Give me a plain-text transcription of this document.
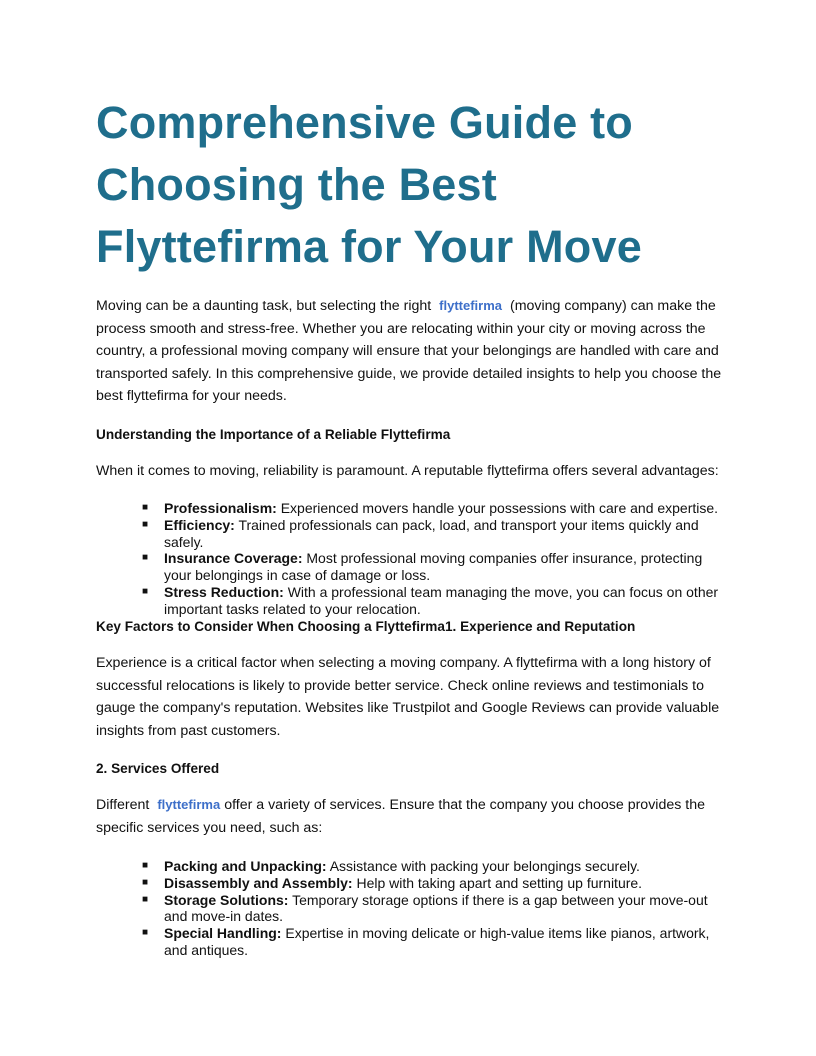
Comprehensive Guide to
Choosing the Best
Flyttefirma for Your Move

Moving can be a daunting task, but selecting the right flyttefirma (moving company) can make the
process smooth and stress-free. Whether you are relocating within your city or moving across the
country, a professional moving company will ensure that your belongings are handled with care and
transported safely. In this comprehensive guide, we provide detailed insights to help you choose the
best flyttefirma for your needs.

Understanding the Importance of a Reliable Flyttefirma

When it comes to moving, reliability is paramount. A reputable flyttefirma offers several advantages:

■ Professionalism: Experienced movers handle your possessions with care and expertise.
■ Efficiency: Trained professionals can pack, load, and transport your items quickly and
safely.
■ Insurance Coverage: Most professional moving companies offer insurance, protecting
your belongings in case of damage or loss.
■ Stress Reduction: With a professional team managing the move, you can focus on other
important tasks related to your relocation.
Key Factors to Consider When Choosing a Flyttefirma1. Experience and Reputation

Experience is a critical factor when selecting a moving company. A flyttefirma with a long history of
successful relocations is likely to provide better service. Check online reviews and testimonials to
gauge the company's reputation. Websites like Trustpilot and Google Reviews can provide valuable
insights from past customers.

2. Services Offered

Different flyttefirma offer a variety of services. Ensure that the company you choose provides the
specific services you need, such as:

■ Packing and Unpacking: Assistance with packing your belongings securely.
■ Disassembly and Assembly: Help with taking apart and setting up furniture.
■ Storage Solutions: Temporary storage options if there is a gap between your move-out
and move-in dates.
■ Special Handling: Expertise in moving delicate or high-value items like pianos, artwork,
and antiques.
